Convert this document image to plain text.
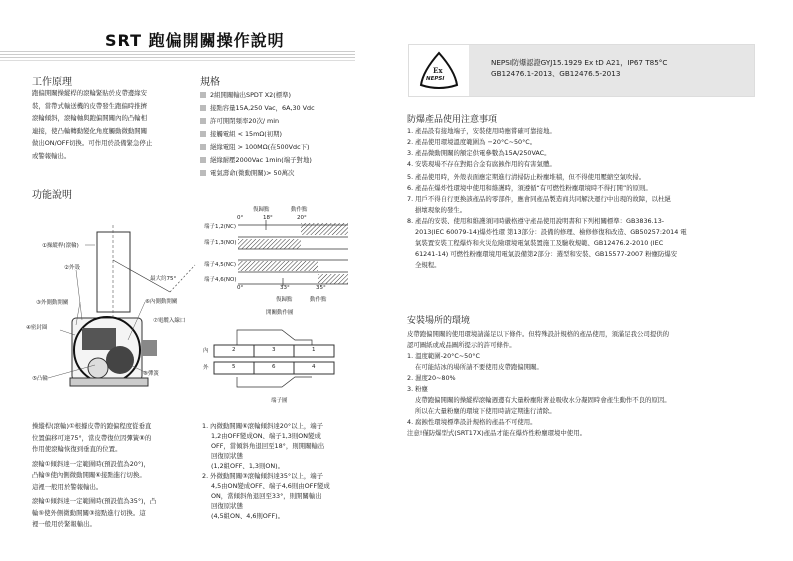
SRT 跑偏開關操作說明
工作原理
跑偏開關操縱桿的滾輪緊貼於皮帶邊緣安
裝，當帶式輸送機的皮帶發生跑偏時推擠
滾輪傾斜，滾輪軸與跑偏開關內的凸輪相
連接，使凸輪轉動變化角度觸動微動開關
做出ON/OFF切換。可作用於設備緊急停止
或警報輸出。
規格
2組開關輸出SPDT X2(標準)
接點容量15A,250 Vac，6A,30 Vdc
許可開閉頻率20次/ min
接觸電組 < 15mΩ(初期)
絕緣電阻 > 100MΩ(在500Vdc下)
絕緣耐壓2000Vac 1min(端子對地)
電氣壽命(微動開關)> 50萬次
功能說明
①操縱桿(滾輪)
②外殼
③外側動開關
④密封圈
⑤凸輪
⑥內側動開關
⑦電纜入線口
⑧彈簧
最大約75°
復歸點	動作點
0°	18°	20°
端子1,2(NC)
端子1,3(NO)
端子4,5(NC)
端子4,6(NO)
0°	33°	35°
復歸點	動作點
開關動作圖
內
外
2	3	1
5	6	4
端子圖
操縱桿(滾輪)①根據皮帶的跑偏程度從垂直
位置偏移可達75°，當皮帶復位因彈簧⑧的
作用使滾輪恢復到垂直的位置。
滾輪①傾斜達一定範圍時(預設值為20°)，
凸輪⑤使內側微動開關⑥接點進行切換。
這裡一般用於警報輸出。
滾輪①傾斜達一定範圍時(預設值為35°)，凸
輪⑤使外側微動開關③接點進行切換。這
裡一般用於緊報輸出。
1. 內微動開關⑥滾輪傾斜達20°以上，端子
1,2由OFF變成ON、端子1,3則ON變成
OFF，當傾斜角退回至18°，則開關輸出
回復原狀態
(1,2組OFF、1,3則ON)。
2. 外微動開關③滾輪傾斜達35°以上，端子
4,5由ON變成OFF、端子4,6則由OFF變成
ON，當傾斜角退回至33°，則開關輸出
回復原狀態
(4,5組ON、4,6則OFF)。
Ex
NEPSI
NEPSI防爆認證GYJ15.1929 Ex tD A21，IP67 T85°C
GB12476.1-2013、GB12476.5-2013
防爆產品使用注意事項
1. 產品設有接地端子，安裝使用時應嘗確可靠接地。
2. 產品使用環境溫度範圍為 −20°C~50°C。
3. 產品微動開關的額定供電參數為15A/250VAC。
4. 安裝現場不存在對鋁合金有腐蝕作用的有害氣體。
5. 產品使用時，外殼表面應定期進行清掃防止粉塵堆積，但不得使用壓縮空氣吹掃。
6. 產品在爆炸性環境中使用和維護時，須遵循“有可燃性粉塵環境時不得打開”的原則。
7. 用戶不得自行更換該產品的零部件，應會同產品製造商共同解決運行中出現的故障，以杜絕
損壞現象的發生。
8. 產品的安裝、使用和維護須同時嚴格遵守產品使用說明書和下列相關標準：GB3836.13-
2013(IEC 60079-14)爆炸性環 第13部分：設備的修理、檢修修復和改造、GB50257:2014 電
氣裝置安裝工程爆炸和火災危險環境電氣裝置施工及驗收規範、GB12476.2-2010 (IEC
61241-14) 可燃性粉塵環境用電氣設備第2部分：選型和安裝、GB15577-2007 粉塵防爆安
全規程。
安裝場所的環境
皮帶跑偏開關的使用環境請滿足以下條件。但特殊設計規格的產品使用，須滿足我公司提供的
認可圖紙或成品圖所提示的許可條件。
1. 溫度範圍-20°C~50°C
在可能結冰的場所請不要使用皮帶跑偏開關。
2. 濕度20~80%
3. 粉塵
皮帶跑偏開關的操縱桿滾輪週邊有大量粉塵附著並吸收水分凝固時會產生動作不良的原因。
所以在大量粉塵的環境下使用時請定期進行清除。
4. 腐蝕性環境標準設計規格的產品不可使用。
注意!僅防爆型式(SRT17X)產品才能在爆炸性粉塵環境中使用。
